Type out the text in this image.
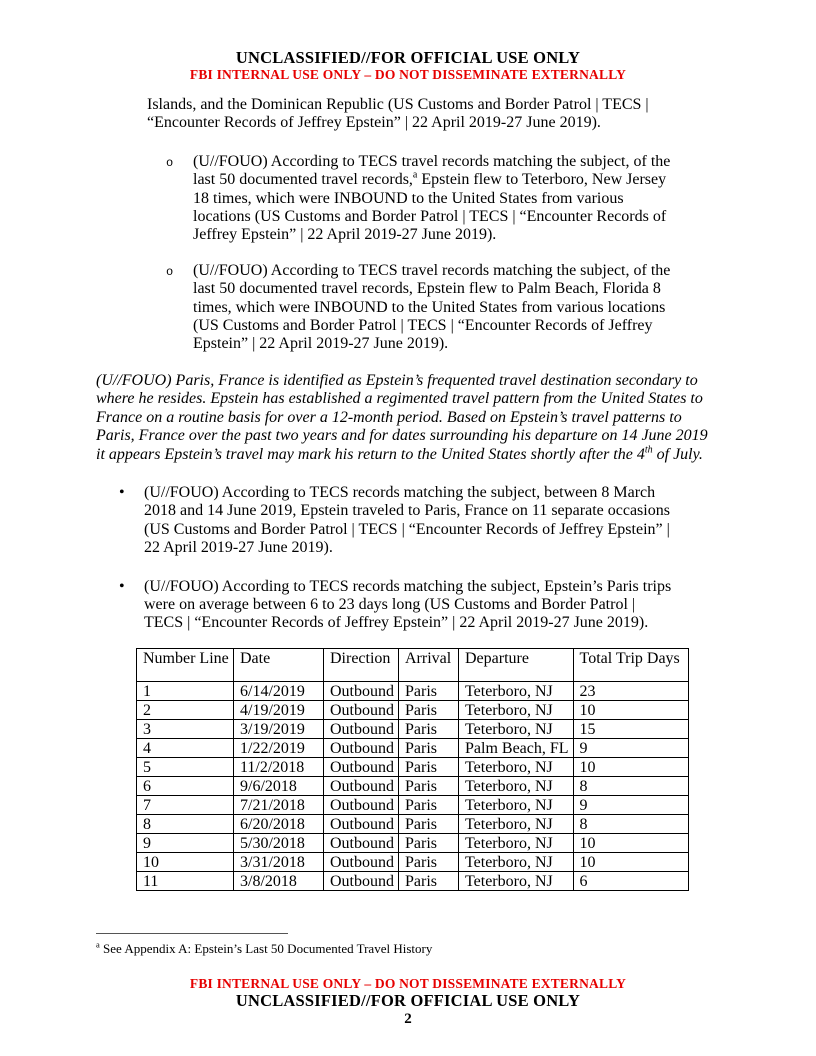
UNCLASSIFIED//FOR OFFICIAL USE ONLY
FBI INTERNAL USE ONLY – DO NOT DISSEMINATE EXTERNALLY

Islands, and the Dominican Republic (US Customs and Border Patrol | TECS | “Encounter Records of Jeffrey Epstein” | 22 April 2019-27 June 2019).

o	(U//FOUO) According to TECS travel records matching the subject, of the last 50 documented travel records,$^a$ Epstein flew to Teterboro, New Jersey 18 times, which were INBOUND to the United States from various locations (US Customs and Border Patrol | TECS | “Encounter Records of Jeffrey Epstein” | 22 April 2019-27 June 2019).

o	(U//FOUO) According to TECS travel records matching the subject, of the last 50 documented travel records, Epstein flew to Palm Beach, Florida 8 times, which were INBOUND to the United States from various locations (US Customs and Border Patrol | TECS | “Encounter Records of Jeffrey Epstein” | 22 April 2019-27 June 2019).

(U//FOUO) Paris, France is identified as Epstein’s frequented travel destination secondary to where he resides. Epstein has established a regimented travel pattern from the United States to France on a routine basis for over a 12-month period. Based on Epstein’s travel patterns to Paris, France over the past two years and for dates surrounding his departure on 14 June 2019 it appears Epstein’s travel may mark his return to the United States shortly after the 4th of July.

•	(U//FOUO) According to TECS records matching the subject, between 8 March 2018 and 14 June 2019, Epstein traveled to Paris, France on 11 separate occasions (US Customs and Border Patrol | TECS | “Encounter Records of Jeffrey Epstein” | 22 April 2019-27 June 2019).

•	(U//FOUO) According to TECS records matching the subject, Epstein’s Paris trips were on average between 6 to 23 days long (US Customs and Border Patrol | TECS | “Encounter Records of Jeffrey Epstein” | 22 April 2019-27 June 2019).

Number Line	Date	Direction	Arrival	Departure	Total Trip Days
1	6/14/2019	Outbound	Paris	Teterboro, NJ	23
2	4/19/2019	Outbound	Paris	Teterboro, NJ	10
3	3/19/2019	Outbound	Paris	Teterboro, NJ	15
4	1/22/2019	Outbound	Paris	Palm Beach, FL	9
5	11/2/2018	Outbound	Paris	Teterboro, NJ	10
6	9/6/2018	Outbound	Paris	Teterboro, NJ	8
7	7/21/2018	Outbound	Paris	Teterboro, NJ	9
8	6/20/2018	Outbound	Paris	Teterboro, NJ	8
9	5/30/2018	Outbound	Paris	Teterboro, NJ	10
10	3/31/2018	Outbound	Paris	Teterboro, NJ	10
11	3/8/2018	Outbound	Paris	Teterboro, NJ	6
$^a$ See Appendix A: Epstein’s Last 50 Documented Travel History
FBI INTERNAL USE ONLY – DO NOT DISSEMINATE EXTERNALLY
UNCLASSIFIED//FOR OFFICIAL USE ONLY
2
